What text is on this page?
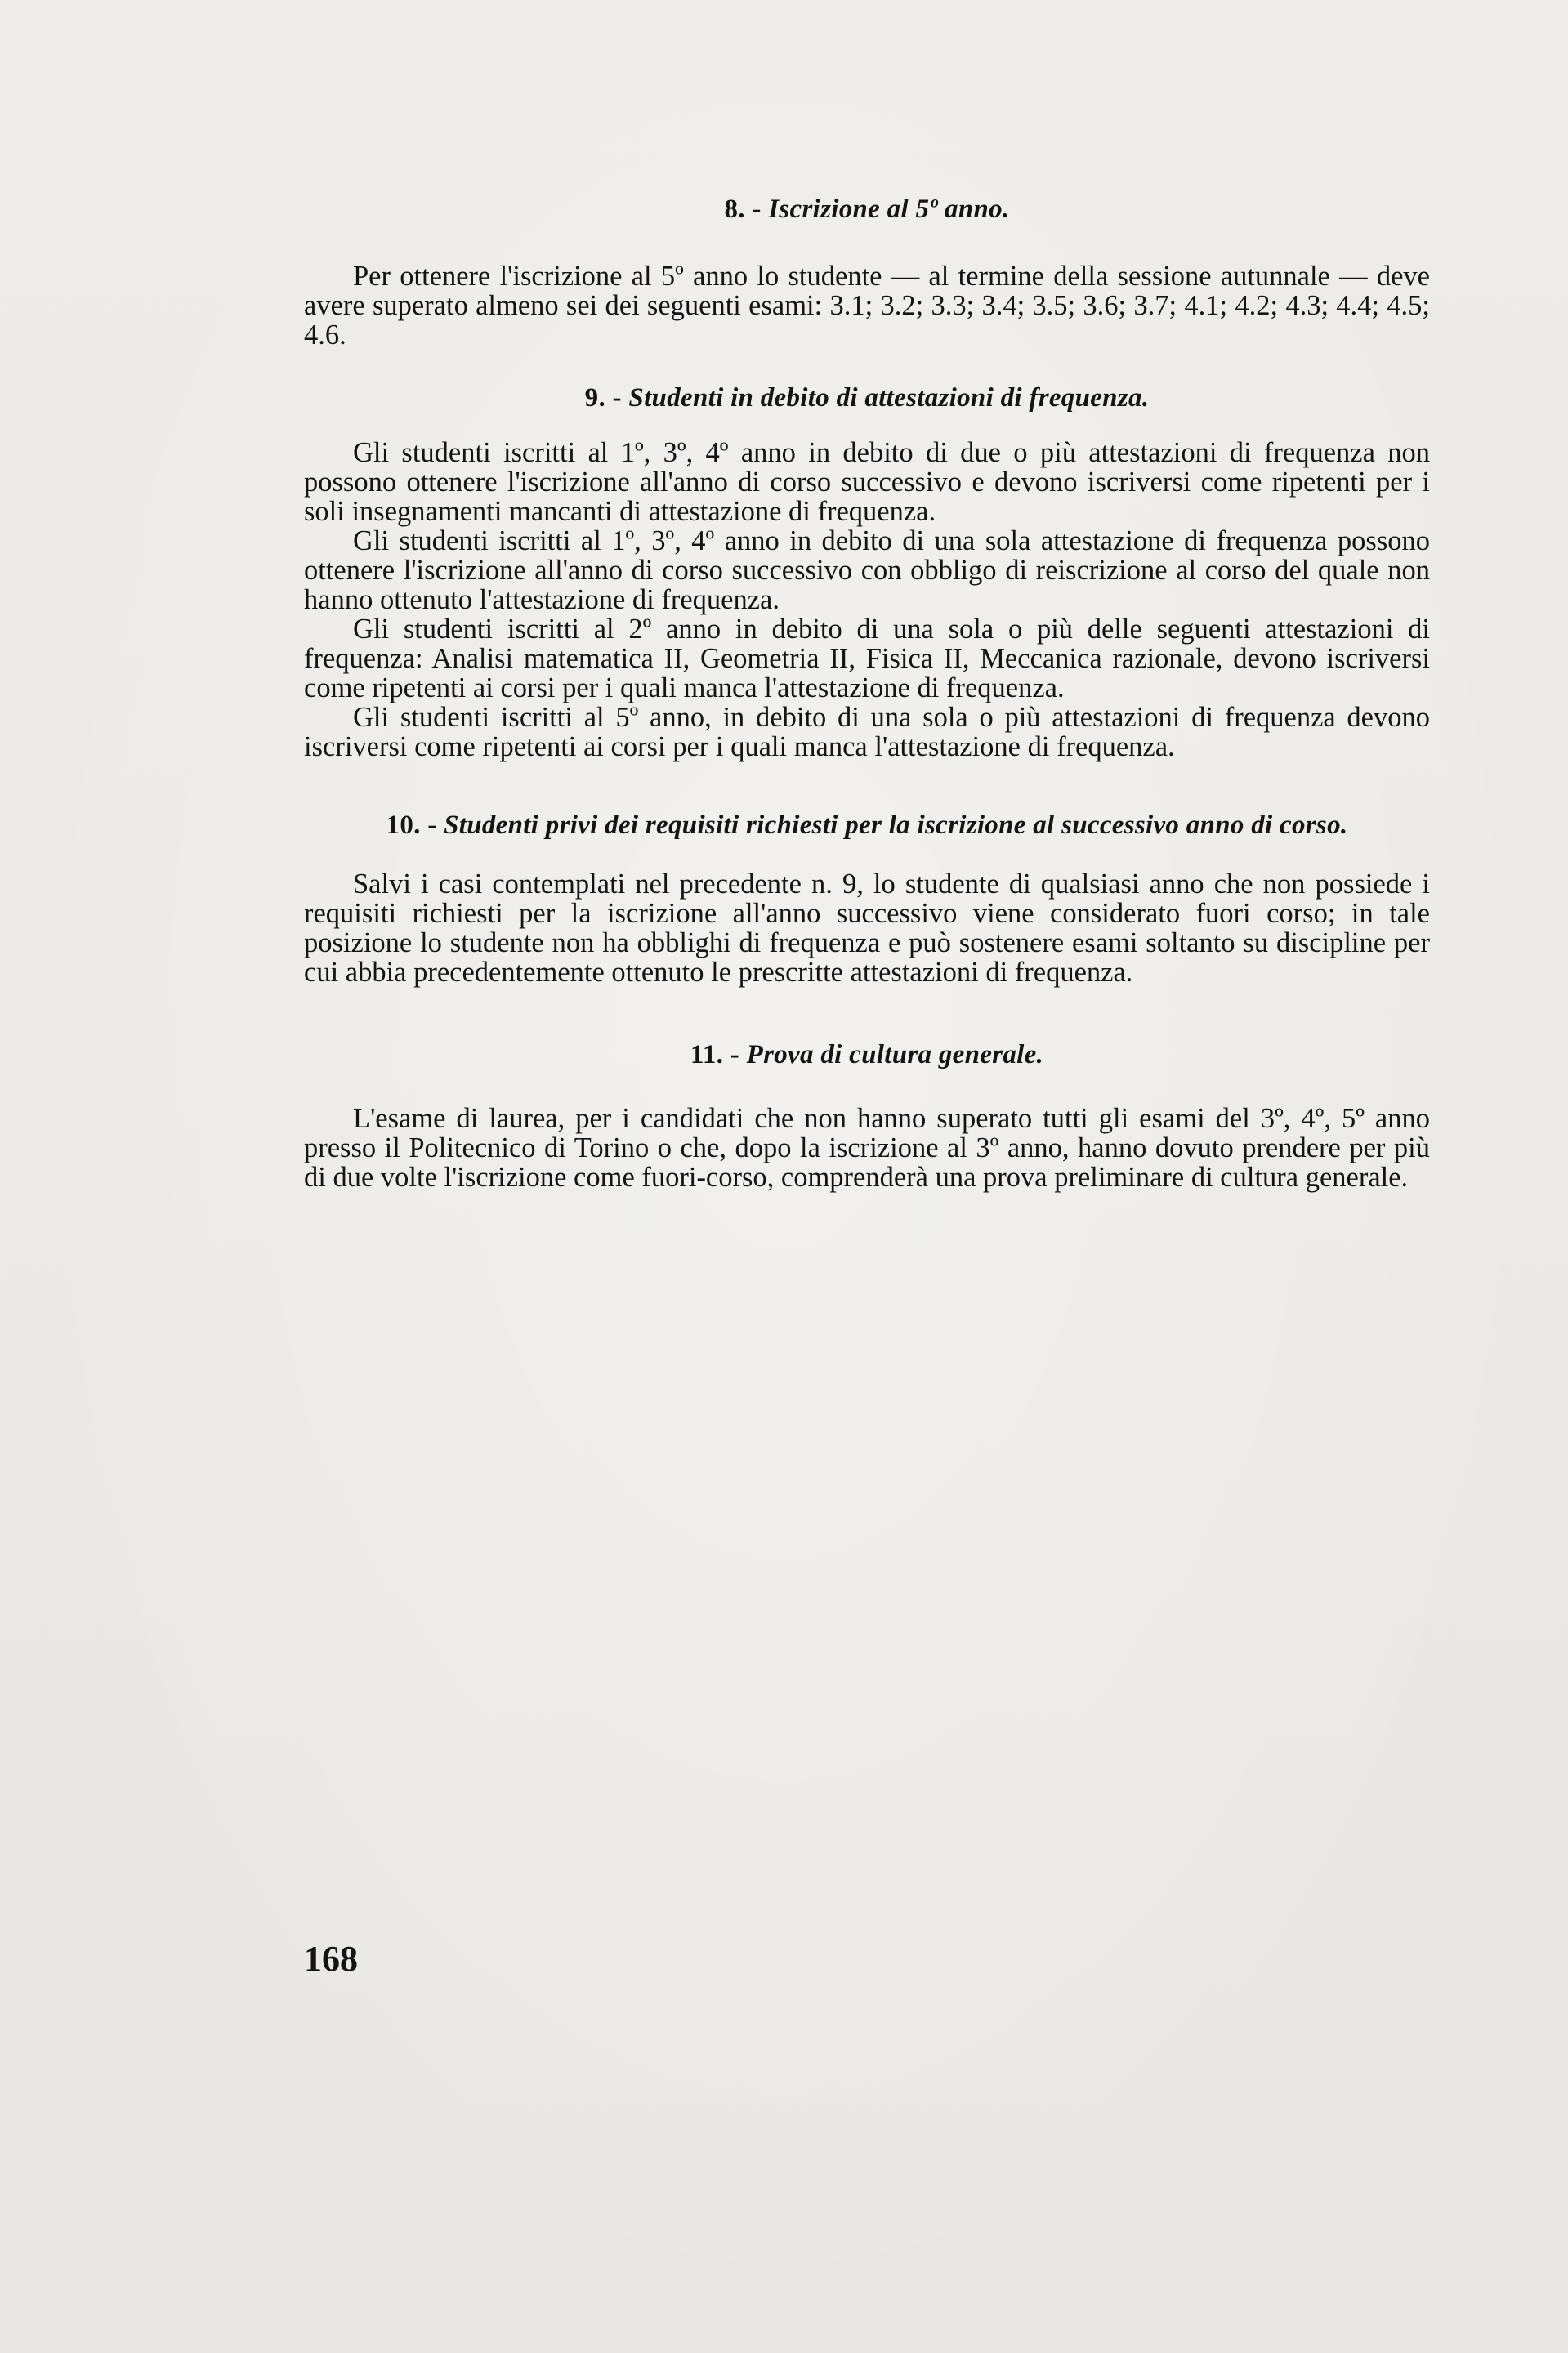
8. - Iscrizione al 5º anno.

Per ottenere l'iscrizione al 5º anno lo studente — al termine della sessione autunnale — deve avere superato almeno sei dei seguenti esami: 3.1; 3.2; 3.3; 3.4; 3.5; 3.6; 3.7; 4.1; 4.2; 4.3; 4.4; 4.5; 4.6.

9. - Studenti in debito di attestazioni di frequenza.

Gli studenti iscritti al 1º, 3º, 4º anno in debito di due o più attestazioni di frequenza non possono ottenere l'iscrizione all'anno di corso successivo e devono iscriversi come ripetenti per i soli insegnamenti mancanti di attestazione di frequenza.

Gli studenti iscritti al 1º, 3º, 4º anno in debito di una sola attestazione di frequenza possono ottenere l'iscrizione all'anno di corso successivo con obbligo di reiscrizione al corso del quale non hanno ottenuto l'attestazione di frequenza.

Gli studenti iscritti al 2º anno in debito di una sola o più delle seguenti attestazioni di frequenza: Analisi matematica II, Geometria II, Fisica II, Meccanica razionale, devono iscriversi come ripetenti ai corsi per i quali manca l'attestazione di frequenza.

Gli studenti iscritti al 5º anno, in debito di una sola o più attestazioni di frequenza devono iscriversi come ripetenti ai corsi per i quali manca l'attestazione di frequenza.

10. - Studenti privi dei requisiti richiesti per la iscrizione al successivo anno di corso.

Salvi i casi contemplati nel precedente n. 9, lo studente di qualsiasi anno che non possiede i requisiti richiesti per la iscrizione all'anno successivo viene considerato fuori corso; in tale posizione lo studente non ha obblighi di frequenza e può sostenere esami soltanto su discipline per cui abbia precedentemente ottenuto le prescritte attestazioni di frequenza.

11. - Prova di cultura generale.

L'esame di laurea, per i candidati che non hanno superato tutti gli esami del 3º, 4º, 5º anno presso il Politecnico di Torino o che, dopo la iscrizione al 3º anno, hanno dovuto prendere per più di due volte l'iscrizione come fuori-corso, comprenderà una prova preliminare di cultura generale.

168
